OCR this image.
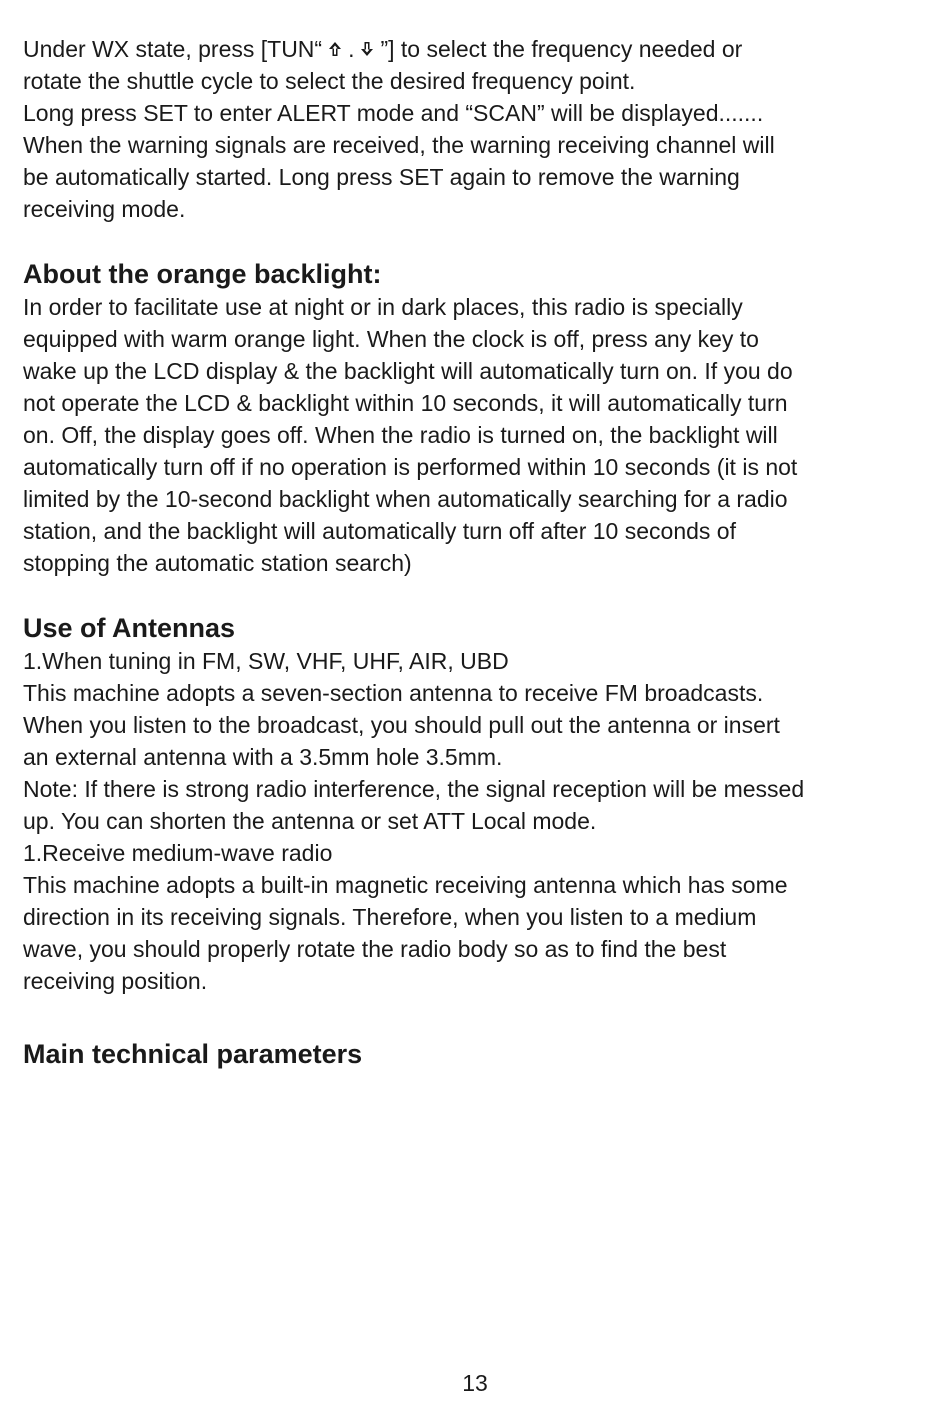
Under WX state, press [TUN“ . ”] to select the frequency needed or
rotate the shuttle cycle to select the desired frequency point.
Long press SET to enter ALERT mode and “SCAN” will be displayed.......
When the warning signals are received, the warning receiving channel will
be automatically started. Long press SET again to remove the warning
receiving mode.
About the orange backlight:
In order to facilitate use at night or in dark places, this radio is specially
equipped with warm orange light. When the clock is off, press any key to
wake up the LCD display & the backlight will automatically turn on. If you do
not operate the LCD & backlight within 10 seconds, it will automatically turn
on. Off, the display goes off. When the radio is turned on, the backlight will
automatically turn off if no operation is performed within 10 seconds (it is not
limited by the 10-second backlight when automatically searching for a radio
station, and the backlight will automatically turn off after 10 seconds of
stopping the automatic station search)
Use of Antennas
1.When tuning in FM, SW, VHF, UHF, AIR, UBD
This machine adopts a seven-section antenna to receive FM broadcasts.
When you listen to the broadcast, you should pull out the antenna or insert
an external antenna with a 3.5mm hole 3.5mm.
Note: If there is strong radio interference, the signal reception will be messed
up. You can shorten the antenna or set ATT Local mode.
1.Receive medium-wave radio
This machine adopts a built-in magnetic receiving antenna which has some
direction in its receiving signals. Therefore, when you listen to a medium
wave, you should properly rotate the radio body so as to find the best
receiving position.
Main technical parameters
13
